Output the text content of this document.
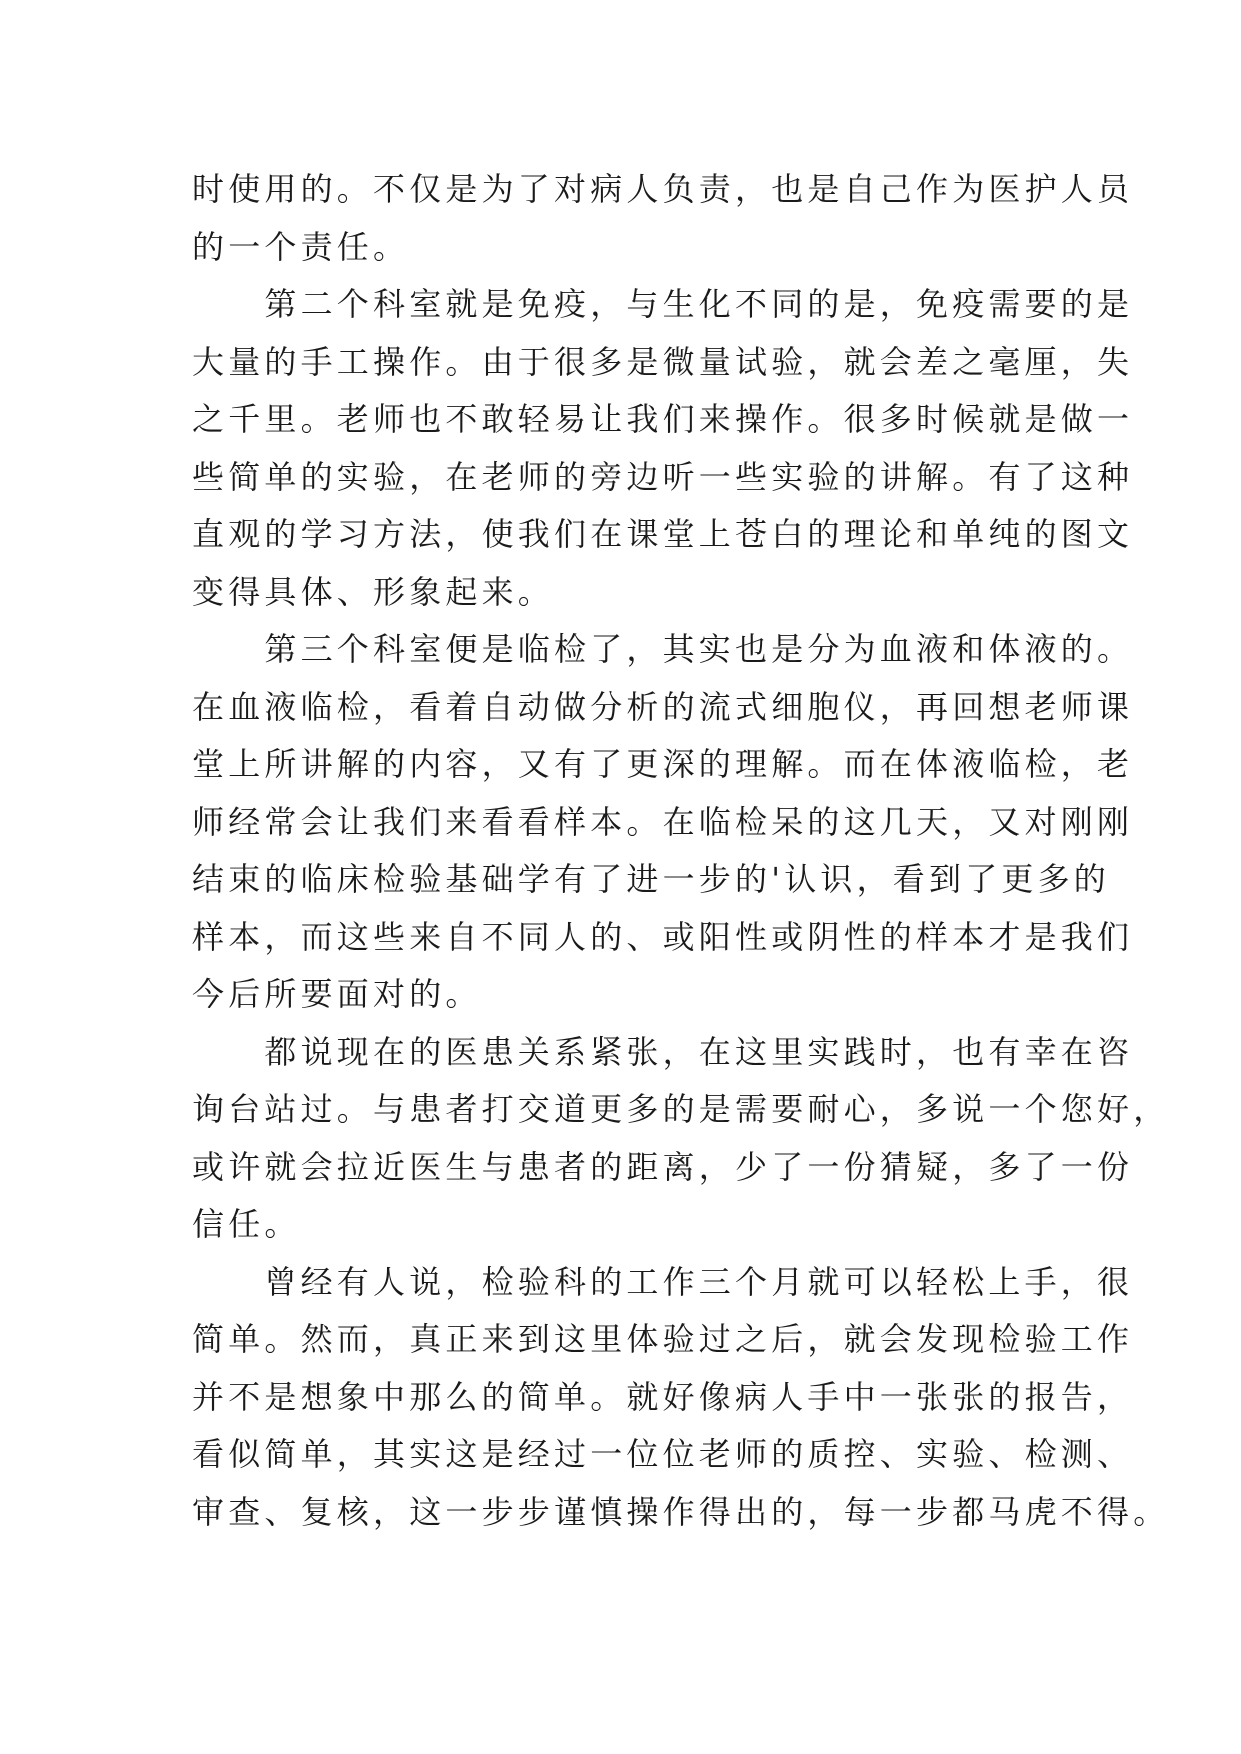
时使用的。不仅是为了对病人负责，也是自己作为医护人员
的一个责任。
　　第二个科室就是免疫，与生化不同的是，免疫需要的是
大量的手工操作。由于很多是微量试验，就会差之毫厘，失
之千里。老师也不敢轻易让我们来操作。很多时候就是做一
些简单的实验，在老师的旁边听一些实验的讲解。有了这种
直观的学习方法，使我们在课堂上苍白的理论和单纯的图文
变得具体、形象起来。
　　第三个科室便是临检了，其实也是分为血液和体液的。
在血液临检，看着自动做分析的流式细胞仪，再回想老师课
堂上所讲解的内容，又有了更深的理解。而在体液临检，老
师经常会让我们来看看样本。在临检呆的这几天，又对刚刚
结束的临床检验基础学有了进一步的'认识，看到了更多的
样本，而这些来自不同人的、或阳性或阴性的样本才是我们
今后所要面对的。
　　都说现在的医患关系紧张，在这里实践时，也有幸在咨
询台站过。与患者打交道更多的是需要耐心，多说一个您好，
或许就会拉近医生与患者的距离，少了一份猜疑，多了一份
信任。
　　曾经有人说，检验科的工作三个月就可以轻松上手，很
简单。然而，真正来到这里体验过之后，就会发现检验工作
并不是想象中那么的简单。就好像病人手中一张张的报告，
看似简单，其实这是经过一位位老师的质控、实验、检测、
审查、复核，这一步步谨慎操作得出的，每一步都马虎不得。
